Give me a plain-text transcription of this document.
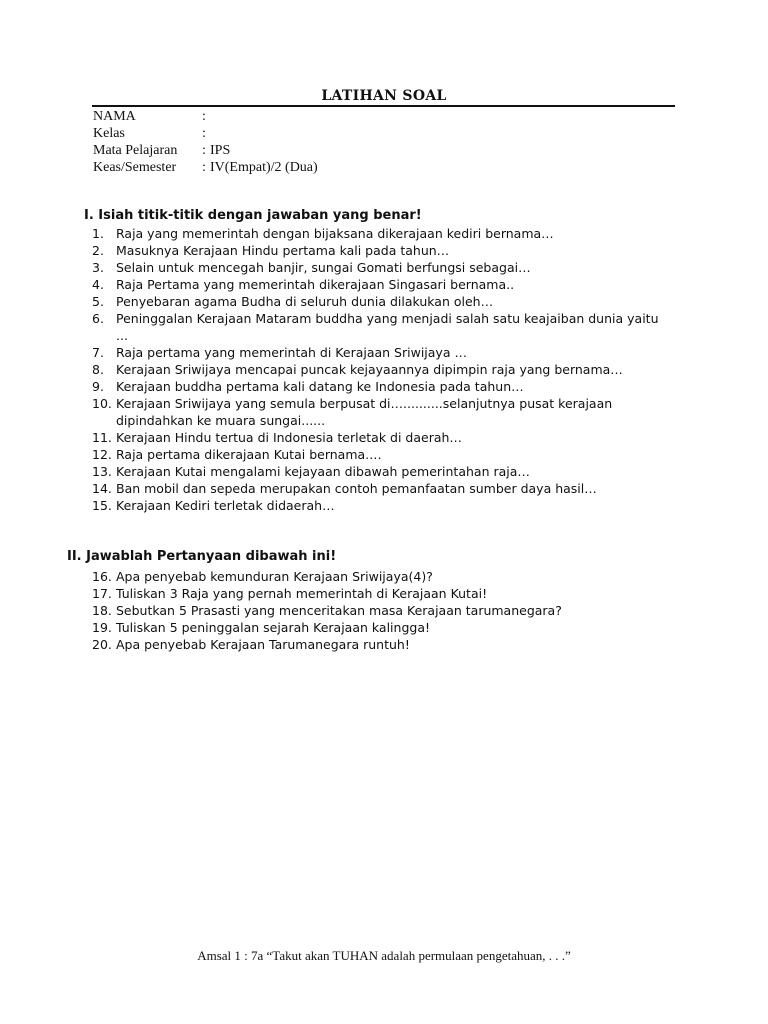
LATIHAN SOAL
NAMA	:
Kelas	:
Mata Pelajaran : IPS
Keas/Semester : IV(Empat)/2 (Dua)
I. Isiah titik-titik dengan jawaban yang benar!
1. Raja yang memerintah dengan bijaksana dikerajaan kediri bernama…
2. Masuknya Kerajaan Hindu pertama kali pada tahun…
3. Selain untuk mencegah banjir, sungai Gomati berfungsi sebagai…
4. Raja Pertama yang memerintah dikerajaan Singasari bernama..
5. Penyebaran agama Budha di seluruh dunia dilakukan oleh…
6. Peninggalan Kerajaan Mataram buddha yang menjadi salah satu keajaiban dunia yaitu ...
7. Raja pertama yang memerintah di Kerajaan Sriwijaya …
8. Kerajaan Sriwijaya mencapai puncak kejayaannya dipimpin raja yang bernama…
9. Kerajaan buddha pertama kali datang ke Indonesia pada tahun…
10. Kerajaan Sriwijaya yang semula berpusat di…..........selanjutnya pusat kerajaan dipindahkan ke muara sungai......
11. Kerajaan Hindu tertua di Indonesia terletak di daerah…
12. Raja pertama dikerajaan Kutai bernama.…
13. Kerajaan Kutai mengalami kejayaan dibawah pemerintahan raja…
14. Ban mobil dan sepeda merupakan contoh pemanfaatan sumber daya hasil…
15. Kerajaan Kediri terletak didaerah…
II. Jawablah Pertanyaan dibawah ini!
16. Apa penyebab kemunduran Kerajaan Sriwijaya(4)?
17. Tuliskan 3 Raja yang pernah memerintah di Kerajaan Kutai!
18. Sebutkan 5 Prasasti yang menceritakan masa Kerajaan tarumanegara?
19. Tuliskan 5 peninggalan sejarah Kerajaan kalingga!
20. Apa penyebab Kerajaan Tarumanegara runtuh!
Amsal 1 : 7a “Takut akan TUHAN adalah permulaan pengetahuan, . . .”
